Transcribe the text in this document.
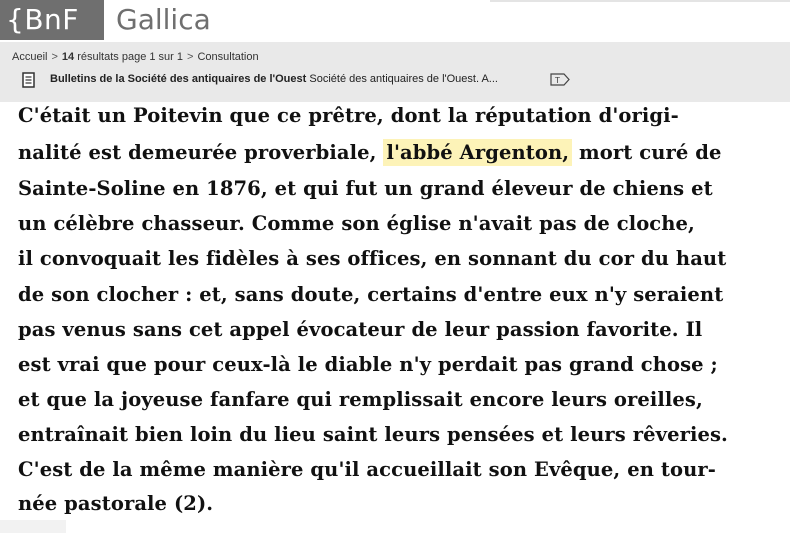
{BnF	Gallica
Accueil > 14 résultats page 1 sur 1 > Consultation
Bulletins de la Société des antiquaires de l'Ouest Société des antiquaires de l'Ouest. A...	T
C'était un Poitevin que ce prêtre, dont la réputation d'origi-
nalité est demeurée proverbiale, l'abbé Argenton, mort curé de
Sainte-Soline en 1876, et qui fut un grand éleveur de chiens et
un célèbre chasseur. Comme son église n'avait pas de cloche,
il convoquait les fidèles à ses offices, en sonnant du cor du haut
de son clocher : et, sans doute, certains d'entre eux n'y seraient
pas venus sans cet appel évocateur de leur passion favorite. Il
est vrai que pour ceux-là le diable n'y perdait pas grand chose ;
et que la joyeuse fanfare qui remplissait encore leurs oreilles,
entraînait bien loin du lieu saint leurs pensées et leurs rêveries.
C'est de la même manière qu'il accueillait son Evêque, en tour-
née pastorale (2).
